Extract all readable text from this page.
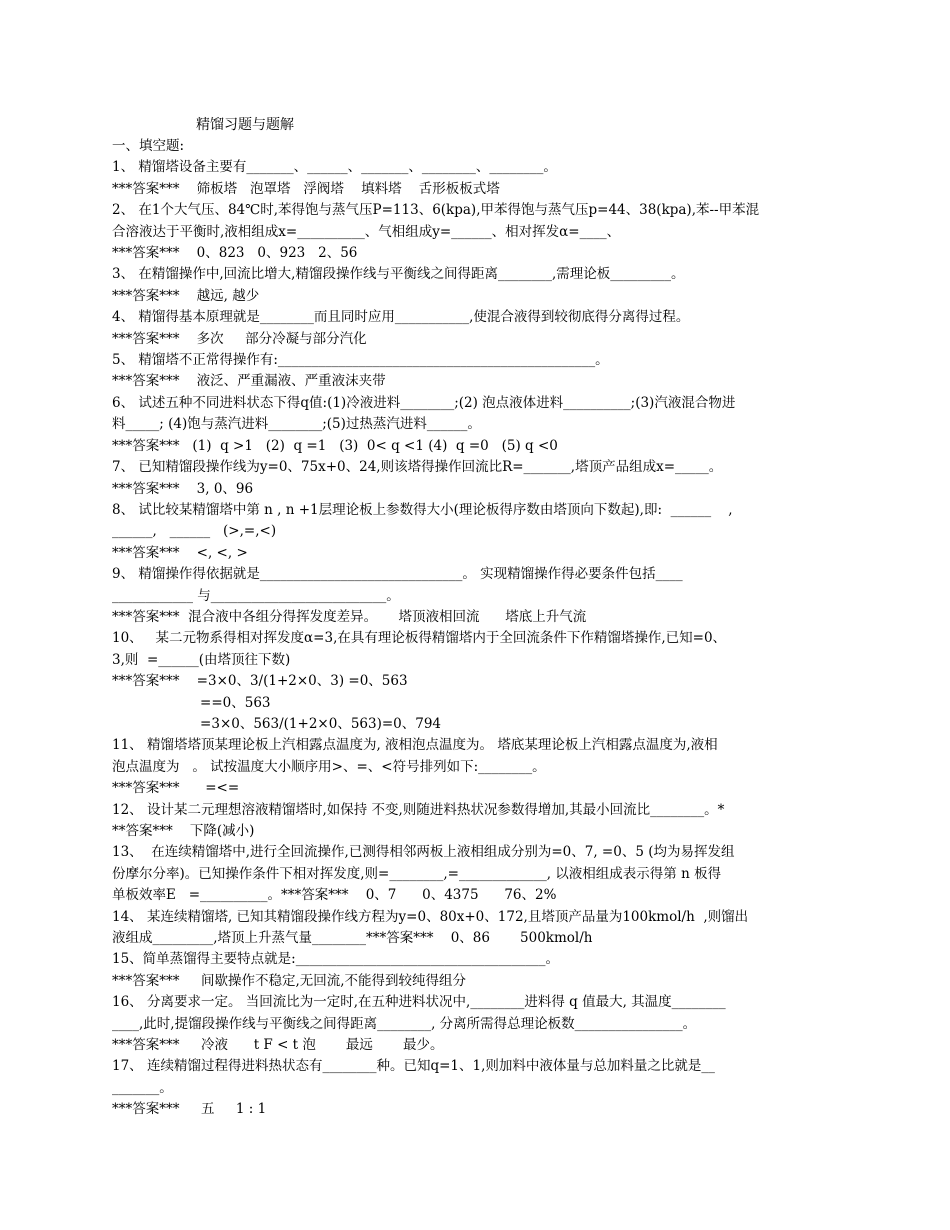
精馏习题与题解
一、填空题:
1、 精馏塔设备主要有_______、______、_______、________、________。
***答案***    筛板塔   泡罩塔   浮阀塔    填料塔    舌形板板式塔
2、 在1个大气压、84℃时,苯得饱与蒸气压P=113、6(kpa),甲苯得饱与蒸气压p=44、38(kpa),苯--甲苯混
合溶液达于平衡时,液相组成x=__________、气相组成y=______、相对挥发α=____、
***答案***    0、823   0、923   2、56
3、 在精馏操作中,回流比增大,精馏段操作线与平衡线之间得距离________,需理论板_________。
***答案***    越远, 越少
4、 精馏得基本原理就是________而且同时应用___________,使混合液得到较彻底得分离得过程。
***答案***    多次     部分冷凝与部分汽化
5、 精馏塔不正常得操作有:_______________________________________________。
***答案***    液泛、严重漏液、严重液沫夹带
6、 试述五种不同进料状态下得q值:(1)冷液进料________;(2) 泡点液体进料__________;(3)汽液混合物进
料_____; (4)饱与蒸汽进料________;(5)过热蒸汽进料______。
***答案***   (1)  q >1   (2)  q =1   (3)  0< q <1 (4)  q =0   (5) q <0
7、 已知精馏段操作线为y=0、75x+0、24,则该塔得操作回流比R=_______,塔顶产品组成x=_____。
***答案***    3, 0、96
8、 试比较某精馏塔中第 n , n +1层理论板上参数得大小(理论板得序数由塔顶向下数起),即:  ______    ,
______,   ______   (>,=,<)
***答案***    <, <, >
9、 精馏操作得依据就是______________________________。 实现精馏操作得必要条件包括____
____________ 与__________________________。
***答案***  混合液中各组分得挥发度差异。     塔顶液相回流      塔底上升气流
10、   某二元物系得相对挥发度α=3,在具有理论板得精馏塔内于全回流条件下作精馏塔操作,已知=0、
3,则  =______(由塔顶往下数)
***答案***    =3×0、3/(1+2×0、3) =0、563
==0、563
=3×0、563/(1+2×0、563)=0、794
11、 精馏塔塔顶某理论板上汽相露点温度为, 液相泡点温度为。 塔底某理论板上汽相露点温度为,液相
泡点温度为   。 试按温度大小顺序用>、=、<符号排列如下:________。
***答案***      =<=
12、 设计某二元理想溶液精馏塔时,如保持 不变,则随进料热状况参数得增加,其最小回流比________。*
**答案***    下降(减小)
13、  在连续精馏塔中,进行全回流操作,已测得相邻两板上液相组成分别为=0、7, =0、5 (均为易挥发组
份摩尔分率)。已知操作条件下相对挥发度,则=________,=_____________, 以液相组成表示得第 n 板得
单板效率E   =__________。***答案***    0、7      0、4375      76、2%
14、 某连续精馏塔, 已知其精馏段操作线方程为y=0、80x+0、172,且塔顶产品量为100kmol/h  ,则馏出
液组成_________,塔顶上升蒸气量________***答案***    0、86       500kmol/h
15、简单蒸馏得主要特点就是:_____________________________________。
***答案***     间歇操作不稳定,无回流,不能得到较纯得组分
16、 分离要求一定。 当回流比为一定时,在五种进料状况中,________进料得 q 值最大, 其温度________
____,此时,提馏段操作线与平衡线之间得距离________, 分离所需得总理论板数________________。
***答案***     冷液      t F < t 泡       最远       最少。
17、 连续精馏过程得进料热状态有________种。已知q=1、1,则加料中液体量与总加料量之比就是__
_______。
***答案***     五     1 : 1
